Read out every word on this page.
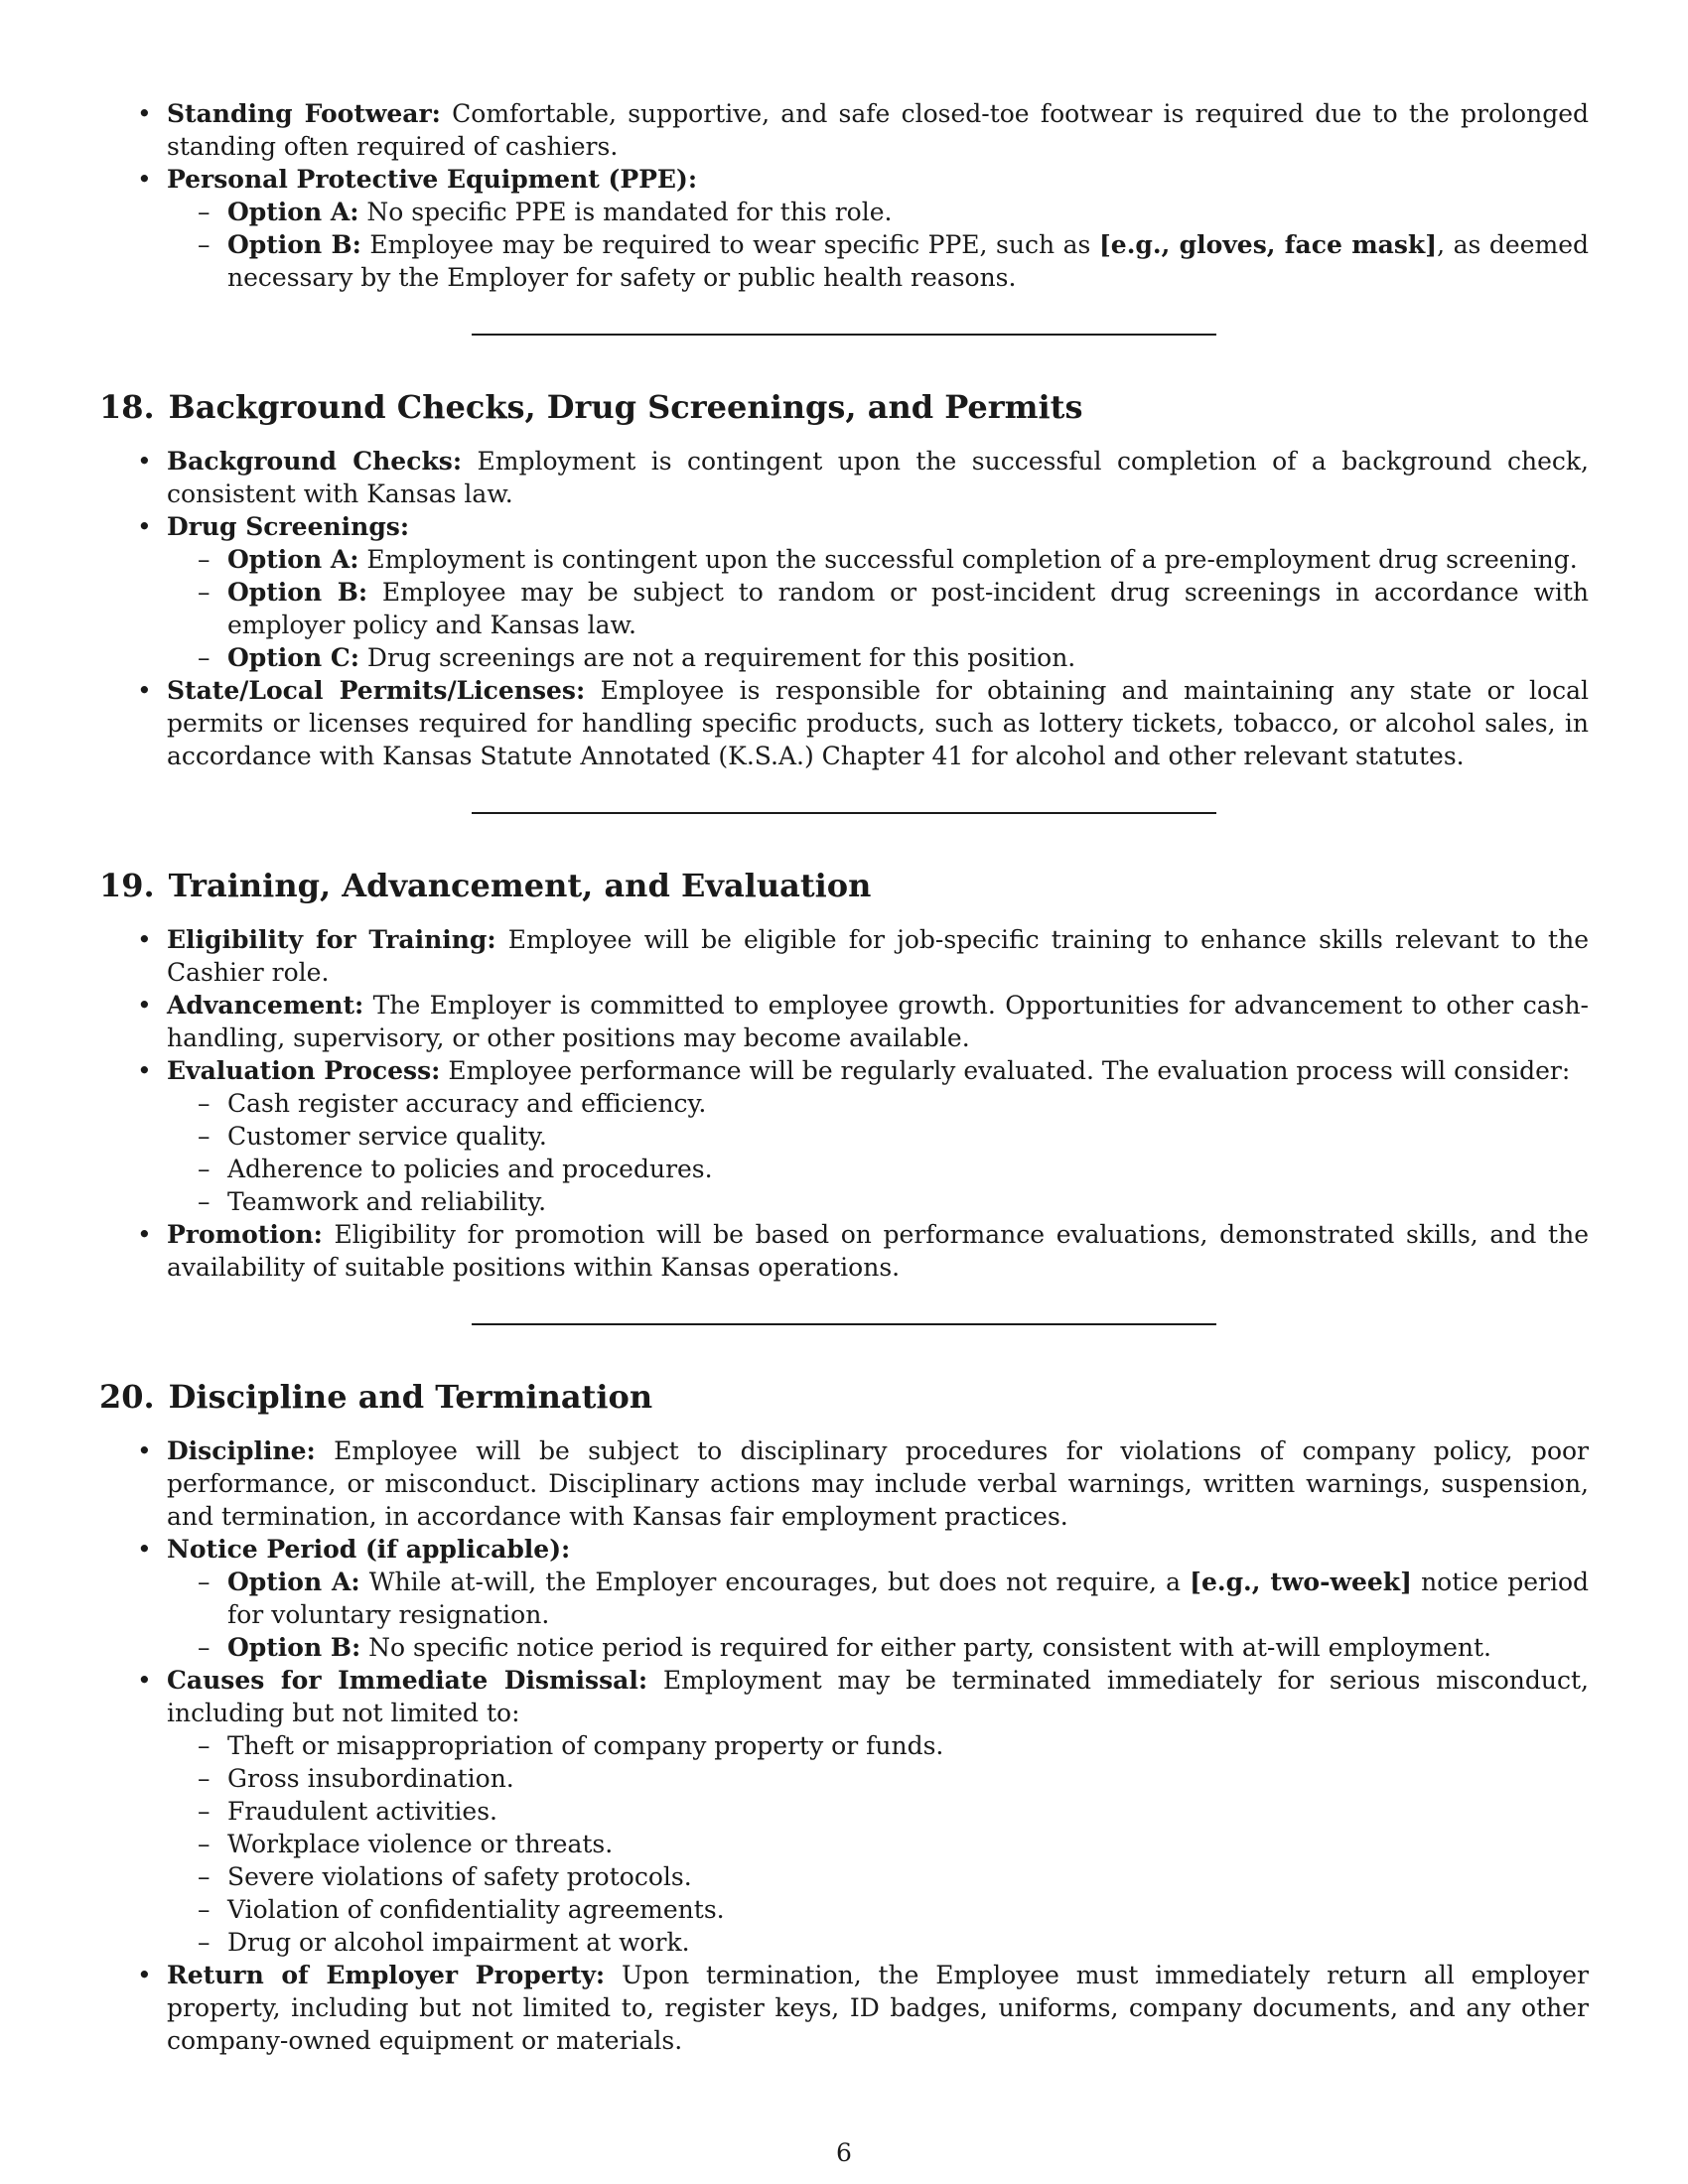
• Standing Footwear: Comfortable, supportive, and safe closed-toe footwear is required due to the prolonged standing often required of cashiers.
• Personal Protective Equipment (PPE):
– Option A: No specific PPE is mandated for this role.
– Option B: Employee may be required to wear specific PPE, such as [e.g., gloves, face mask], as deemed necessary by the Employer for safety or public health reasons.
18. Background Checks, Drug Screenings, and Permits
• Background Checks: Employment is contingent upon the successful completion of a background check, consistent with Kansas law.
• Drug Screenings:
– Option A: Employment is contingent upon the successful completion of a pre-employment drug screening.
– Option B: Employee may be subject to random or post-incident drug screenings in accordance with employer policy and Kansas law.
– Option C: Drug screenings are not a requirement for this position.
• State/Local Permits/Licenses: Employee is responsible for obtaining and maintaining any state or local permits or licenses required for handling specific products, such as lottery tickets, tobacco, or alcohol sales, in accordance with Kansas Statute Annotated (K.S.A.) Chapter 41 for alcohol and other relevant statutes.
19. Training, Advancement, and Evaluation
• Eligibility for Training: Employee will be eligible for job-specific training to enhance skills relevant to the Cashier role.
• Advancement: The Employer is committed to employee growth. Opportunities for advancement to other cash-handling, supervisory, or other positions may become available.
• Evaluation Process: Employee performance will be regularly evaluated. The evaluation process will consider:
– Cash register accuracy and efficiency.
– Customer service quality.
– Adherence to policies and procedures.
– Teamwork and reliability.
• Promotion: Eligibility for promotion will be based on performance evaluations, demonstrated skills, and the availability of suitable positions within Kansas operations.
20. Discipline and Termination
• Discipline: Employee will be subject to disciplinary procedures for violations of company policy, poor performance, or misconduct. Disciplinary actions may include verbal warnings, written warnings, suspension, and termination, in accordance with Kansas fair employment practices.
• Notice Period (if applicable):
– Option A: While at-will, the Employer encourages, but does not require, a [e.g., two-week] notice period for voluntary resignation.
– Option B: No specific notice period is required for either party, consistent with at-will employment.
• Causes for Immediate Dismissal: Employment may be terminated immediately for serious misconduct, including but not limited to:
– Theft or misappropriation of company property or funds.
– Gross insubordination.
– Fraudulent activities.
– Workplace violence or threats.
– Severe violations of safety protocols.
– Violation of confidentiality agreements.
– Drug or alcohol impairment at work.
• Return of Employer Property: Upon termination, the Employee must immediately return all employer property, including but not limited to, register keys, ID badges, uniforms, company documents, and any other company-owned equipment or materials.
6
